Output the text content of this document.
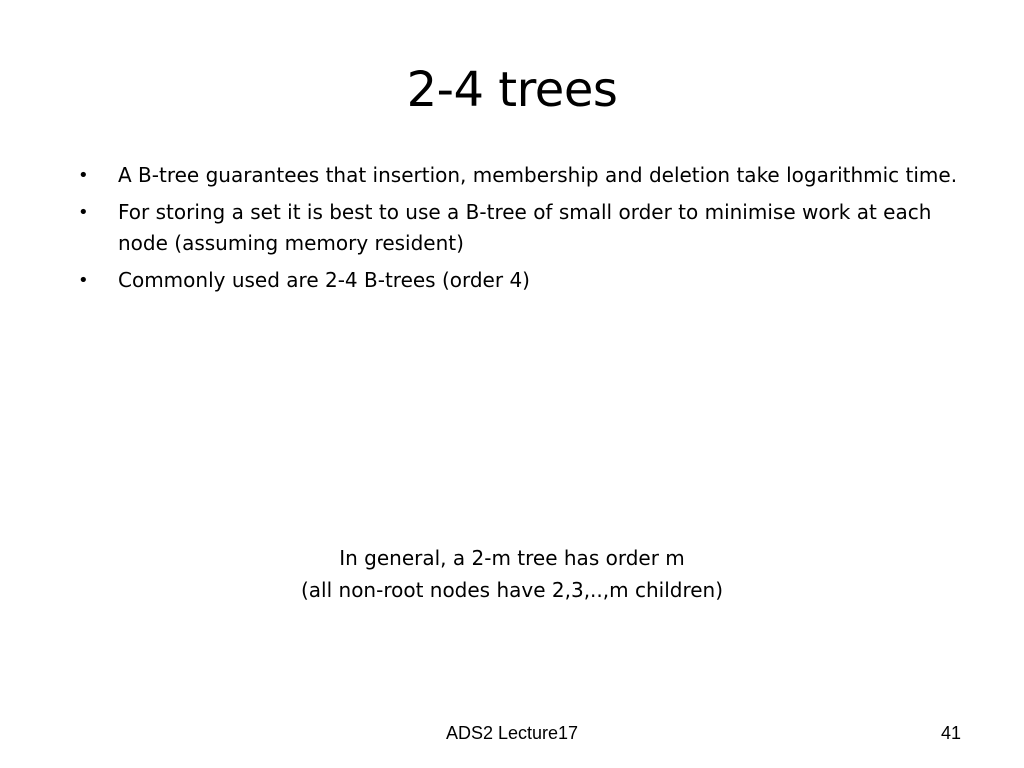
2-4 trees
•	A B-tree guarantees that insertion, membership and deletion take logarithmic time.
•	For storing a set it is best to use a B-tree of small order to minimise work at each node (assuming memory resident)
•	Commonly used are 2-4 B-trees (order 4)
In general, a 2-m tree has order m
(all non-root nodes have 2,3,..,m children)
ADS2 Lecture17	41
